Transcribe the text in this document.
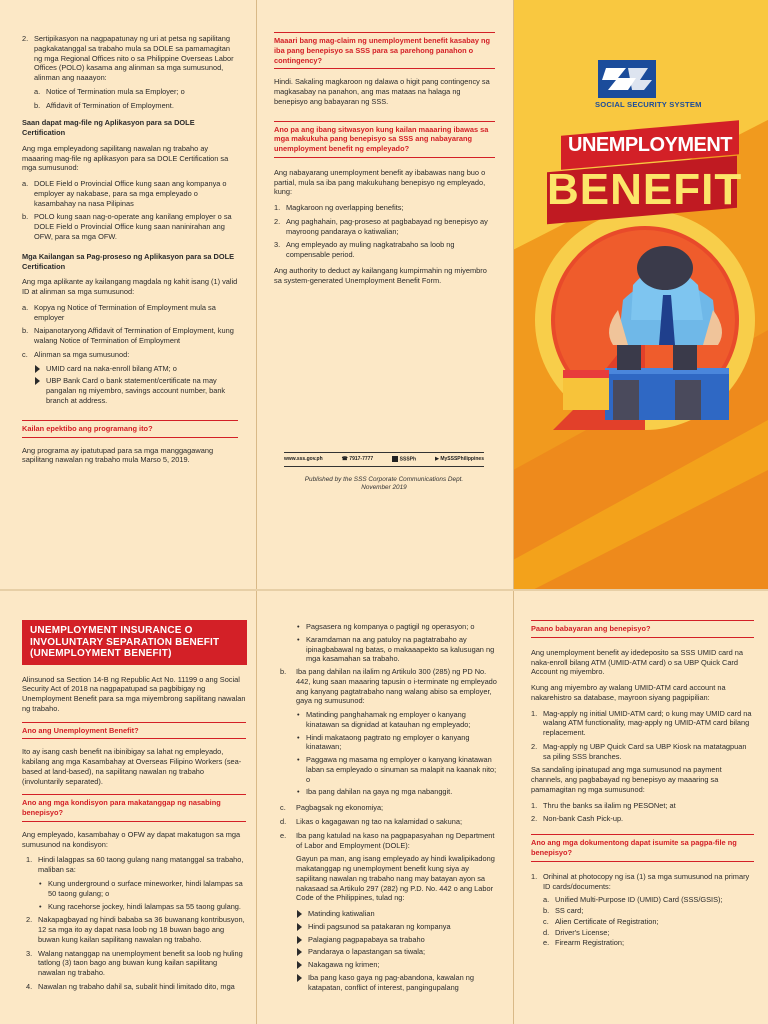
2. Sertipikasyon na nagpapatunay ng uri at petsa ng sapilitang pagkakatanggal sa trabaho mula sa DOLE sa pamamagitan ng mga Regional Offices nito o sa Philippine Overseas Labor Offices (POLO) kasama ang alinman sa mga sumusunod, alinman ang naaayon:
a. Notice of Termination mula sa Employer; o
b. Affidavit of Termination of Employment.
Saan dapat mag-file ng Aplikasyon para sa DOLE Certification

Ang mga empleyadong sapilitang nawalan ng trabaho ay maaaring mag-file ng aplikasyon para sa DOLE Certification sa mga sumusunod:

a. DOLE Field o Provincial Office kung saan ang kompanya o employer ay nakabase, para sa mga empleyado o kasambahay na nasa Pilipinas
b. POLO kung saan nag-o-operate ang kanilang employer o sa DOLE Field o Provincial Office kung saan naninirahan ang OFW, para sa mga OFW.
Mga Kailangan sa Pag-proseso ng Aplikasyon para sa DOLE Certification

Ang mga aplikante ay kailangang magdala ng kahit isang (1) valid ID at alinman sa mga sumusunod:

a. Kopya ng Notice of Termination of Employment mula sa employer
b. Naipanotaryong Affidavit of Termination of Employment, kung walang Notice of Termination of Employment
c. Alinman sa mga sumusunod:
UMID card na naka-enroll bilang ATM; o
UBP Bank Card o bank statement/certificate na may pangalan ng miyembro, savings account number, bank branch at address.
Kailan epektibo ang programang ito?

Ang programa ay ipatutupad para sa mga manggagawang sapilitang nawalan ng trabaho mula Marso 5, 2019.

Maaari bang mag-claim ng unemployment benefit kasabay ng iba pang benepisyo sa SSS para sa parehong panahon o contingency?

Hindi. Sakaling magkaroon ng dalawa o higit pang contingency sa magkasabay na panahon, ang mas mataas na halaga ng benepisyo ang babayaran ng SSS.

Ano pa ang ibang sitwasyon kung kailan maaaring ibawas sa mga makukuha pang benepisyo sa SSS ang nabayarang unemployment benefit ng empleyado?

Ang nabayarang unemployment benefit ay ibabawas nang buo o partial, mula sa iba pang makukuhang benepisyo ng empleyado, kung:

1. Magkaroon ng overlapping benefits;
2. Ang paghahain, pag-proseso at pagbabayad ng benepisyo ay mayroong pandaraya o katiwalian;
3. Ang empleyado ay muling nagkatrabaho sa loob ng compensable period.

Ang authority to deduct ay kailangang kumpirmahin ng miyembro sa system-generated Unemployment Benefit Form.

www.sss.gov.ph	☎ 7917-7777	SSSPh	▶ MySSSPhilippines
Published by the SSS Corporate Communications Dept.
November 2019
SOCIAL SECURITY SYSTEM
UNEMPLOYMENT
BENEFIT
UNEMPLOYMENT INSURANCE O INVOLUNTARY SEPARATION BENEFIT (UNEMPLOYMENT BENEFIT)

Alinsunod sa Section 14-B ng Republic Act No. 11199 o ang Social Security Act of 2018 na nagpapatupad sa pagbibigay ng Unemployment Benefit para sa mga miyembrong sapilitang nawalan ng trabaho.

Ano ang Unemployment Benefit?

Ito ay isang cash benefit na ibinibigay sa lahat ng empleyado, kabilang ang mga Kasambahay at Overseas Filipino Workers (sea-based at land-based), na sapilitang nawalan ng trabaho (involuntarily separated).

Ano ang mga kondisyon para makatanggap ng nasabing benepisyo?

Ang empleyado, kasambahay o OFW ay dapat makatugon sa mga sumusunod na kondisyon:

1. Hindi lalagpas sa 60 taong gulang nang matanggal sa trabaho, maliban sa:
• Kung underground o surface mineworker, hindi lalampas sa 50 taong gulang; o
• Kung racehorse jockey, hindi lalampas sa 55 taong gulang.
2. Nakapagbayad ng hindi bababa sa 36 buwanang kontribusyon, 12 sa mga ito ay dapat nasa loob ng 18 buwan bago ang buwan kung kailan sapilitang nawalan ng trabaho.
3. Walang natanggap na unemployment benefit sa loob ng huling tatlong (3) taon bago ang buwan kung kailan sapilitang nawalan ng trabaho.
4. Nawalan ng trabaho dahil sa, subalit hindi limitado dito, mga
• Pagsasera ng kompanya o pagtigil ng operasyon; o
• Karamdaman na ang patuloy na pagtatrabaho ay ipinagbabawal ng batas, o makaaapekto sa kalusugan ng mga kasamahan sa trabaho.
b. Iba pang dahilan na ilalim ng Artikulo 300 (285) ng PD No. 442, kung saan maaaring tapusin o i-terminate ng empleyado ang kanyang pagtatrabaho nang walang abiso sa employer, gaya ng sumusunod:
• Matinding panghahamak ng employer o kanyang kinatawan sa dignidad at katauhan ng empleyado;
• Hindi makataong pagtrato ng employer o kanyang kinatawan;
• Paggawa ng masama ng employer o kanyang kinatawan laban sa empleyado o sinuman sa malapit na kaanak nito; o
• Iba pang dahilan na gaya ng mga nabanggit.
c. Pagbagsak ng ekonomiya;
d. Likas o kagagawan ng tao na kalamidad o sakuna;
e. Iba pang katulad na kaso na pagpapasyahan ng Department of Labor and Employment (DOLE):

Gayun pa man, ang isang empleyado ay hindi kwalipikadong makatanggap ng unemployment benefit kung siya ay sapilitang nawalan ng trabaho nang may batayan ayon sa nakasaad sa Artikulo 297 (282) ng P.D. No. 442 o ang Labor Code of the Philippines, tulad ng:

Matinding katiwalian
Hindi pagsunod sa patakaran ng kompanya
Palagiang pagpapabaya sa trabaho
Pandaraya o lapastangan sa tiwala;
Nakagawa ng krimen;
Iba pang kaso gaya ng pag-abandona, kawalan ng katapatan, conflict of interest, pangingupalang
Paano babayaran ang benepisyo?

Ang unemployment benefit ay idedeposito sa SSS UMID card na naka-enroll bilang ATM (UMID-ATM card) o sa UBP Quick Card Account ng miyembro.

Kung ang miyembro ay walang UMID-ATM card account na nakarehistro sa database, mayroon siyang pagpipilian:

1. Mag-apply ng initial UMID-ATM card; o kung may UMID card na walang ATM functionality, mag-apply ng UMID-ATM card bilang replacement.
2. Mag-apply ng UBP Quick Card sa UBP Kiosk na matatagpuan sa piling SSS branches.

Sa sandaling ipinatupad ang mga sumusunod na payment channels, ang pagbabayad ng benepisyo ay maaaring sa pamamagitan ng mga sumusunod:

1. Thru the banks sa ilalim ng PESONet; at
2. Non-bank Cash Pick-up.
Ano ang mga dokumentong dapat isumite sa pagpa-file ng benepisyo?
1. Orihinal at photocopy ng isa (1) sa mga sumusunod na primary ID cards/documents:
a. Unified Multi-Purpose ID (UMID) Card (SSS/GSIS);
b. SS card;
c. Alien Certificate of Registration;
d. Driver's License;
e. Firearm Registration;
